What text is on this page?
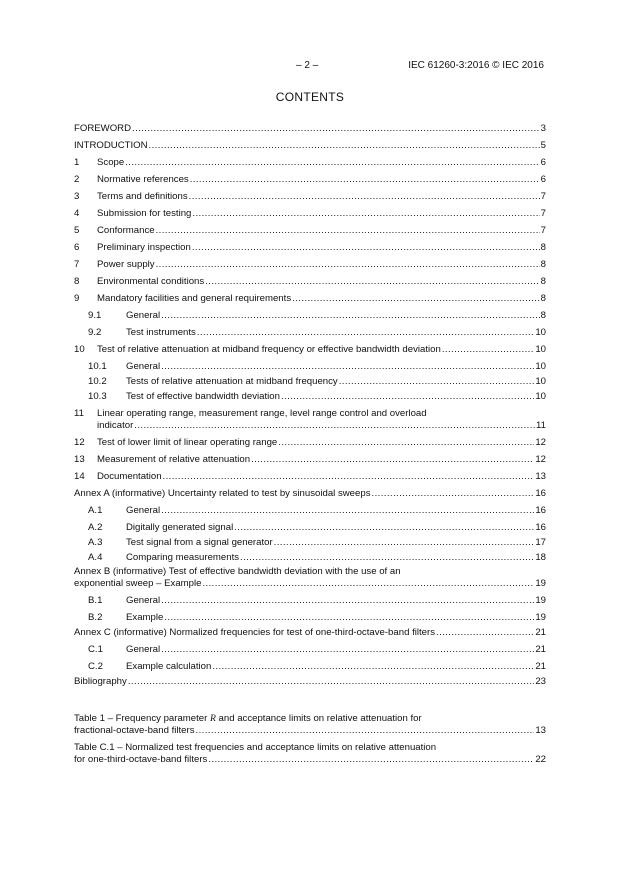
– 2 –	IEC 61260-3:2016 © IEC 2016
CONTENTS
FOREWORD .....	3
INTRODUCTION .....	5
1	Scope .....	6
2	Normative references .....	6
3	Terms and definitions .....	7
4	Submission for testing .....	7
5	Conformance .....	7
6	Preliminary inspection .....	8
7	Power supply .....	8
8	Environmental conditions .....	8
9	Mandatory facilities and general requirements .....	8
9.1	General .....	8
9.2	Test instruments .....	10
10	Test of relative attenuation at midband frequency or effective bandwidth deviation .....	10
10.1	General .....	10
10.2	Tests of relative attenuation at midband frequency .....	10
10.3	Test of effective bandwidth deviation .....	10
11	Linear operating range, measurement range, level range control and overload
indicator .....	11
12	Test of lower limit of linear operating range .....	12
13	Measurement of relative attenuation .....	12
14	Documentation .....	13
Annex A (informative) Uncertainty related to test by sinusoidal sweeps .....	16
A.1	General .....	16
A.2	Digitally generated signal .....	16
A.3	Test signal from a signal generator .....	17
A.4	Comparing measurements .....	18
Annex B (informative) Test of effective bandwidth deviation with the use of an
exponential sweep – Example .....	19
B.1	General .....	19
B.2	Example .....	19
Annex C (informative) Normalized frequencies for test of one-third-octave-band filters .....	21
C.1	General .....	21
C.2	Example calculation .....	21
Bibliography .....	23
Table 1 – Frequency parameter R and acceptance limits on relative attenuation for
fractional-octave-band filters .....	13
Table C.1 – Normalized test frequencies and acceptance limits on relative attenuation
for one-third-octave-band filters .....	22
